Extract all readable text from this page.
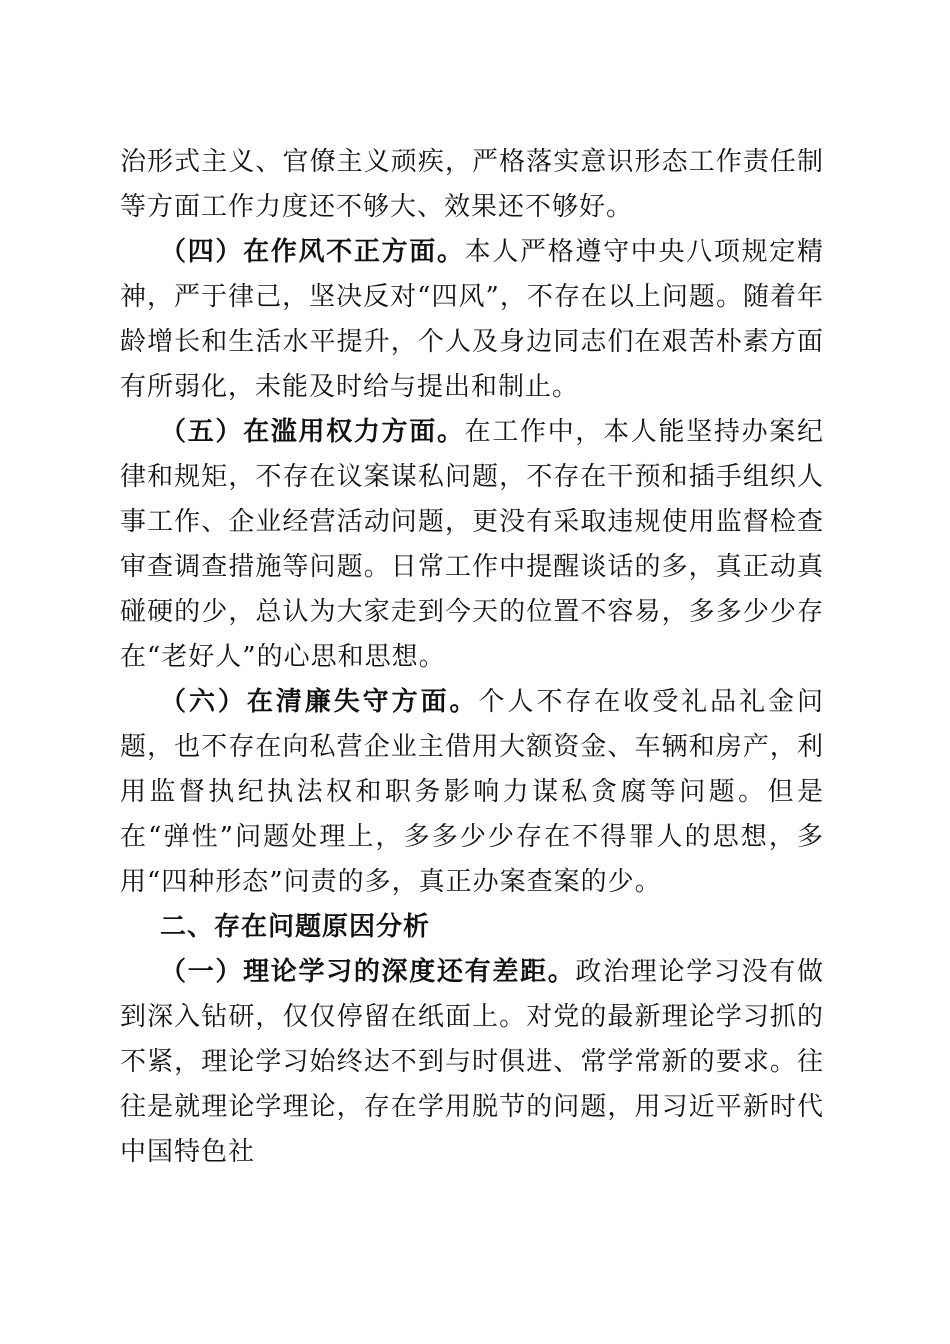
治形式主义、官僚主义顽疾，严格落实意识形态工作责任制等方面工作力度还不够大、效果还不够好。

（四）在作风不正方面。本人严格遵守中央八项规定精神，严于律己，坚决反对“四风”，不存在以上问题。随着年龄增长和生活水平提升，个人及身边同志们在艰苦朴素方面有所弱化，未能及时给与提出和制止。

（五）在滥用权力方面。在工作中，本人能坚持办案纪律和规矩，不存在议案谋私问题，不存在干预和插手组织人事工作、企业经营活动问题，更没有采取违规使用监督检查审查调查措施等问题。日常工作中提醒谈话的多，真正动真碰硬的少，总认为大家走到今天的位置不容易，多多少少存在“老好人”的心思和思想。

（六）在清廉失守方面。个人不存在收受礼品礼金问题，也不存在向私营企业主借用大额资金、车辆和房产，利用监督执纪执法权和职务影响力谋私贪腐等问题。但是在“弹性”问题处理上，多多少少存在不得罪人的思想，多用“四种形态”问责的多，真正办案查案的少。

二、存在问题原因分析

（一）理论学习的深度还有差距。政治理论学习没有做到深入钻研，仅仅停留在纸面上。对党的最新理论学习抓的不紧，理论学习始终达不到与时俱进、常学常新的要求。往往是就理论学理论，存在学用脱节的问题，用习近平新时代中国特色社
